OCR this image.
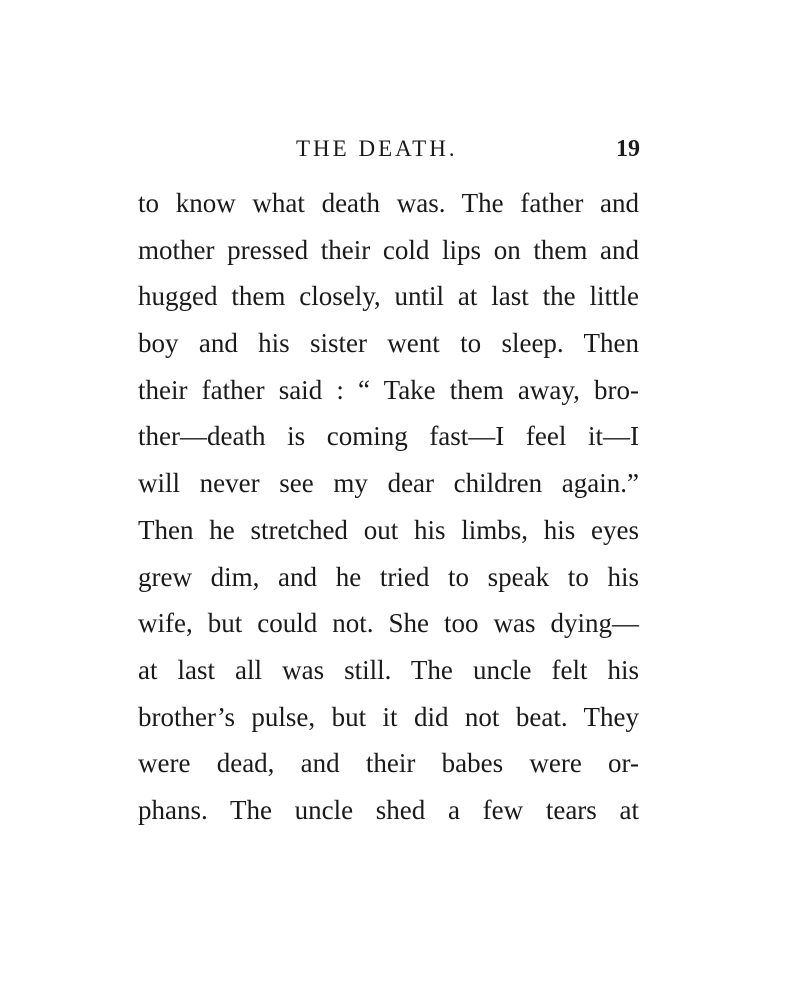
THE DEATH.	19
to know what death was. The father and
mother pressed their cold lips on them and
hugged them closely, until at last the little
boy and his sister went to sleep. Then
their father said : “ Take them away, bro-
ther—death is coming fast—I feel it—I
will never see my dear children again.”
Then he stretched out his limbs, his eyes
grew dim, and he tried to speak to his
wife, but could not. She too was dying—
at last all was still. The uncle felt his
brother’s pulse, but it did not beat. They
were dead, and their babes were or-
phans. The uncle shed a few tears at
